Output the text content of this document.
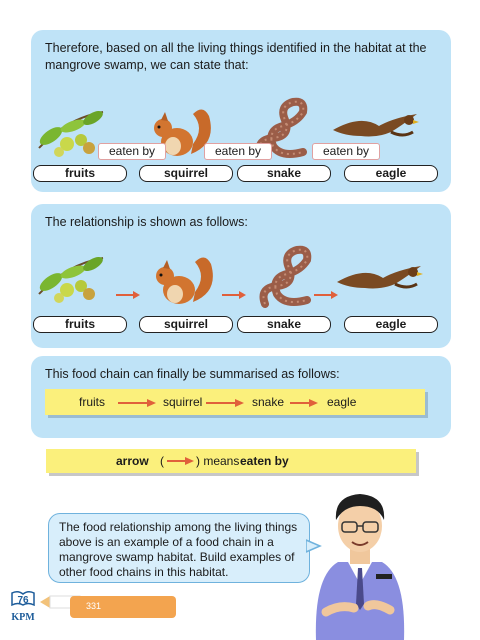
Therefore, based on all the living things identified in the habitat at the mangrove swamp, we can state that:
eaten by	eaten by	eaten by
fruits	squirrel	snake	eagle
The relationship is shown as follows:
fruits	squirrel	snake	eagle
This food chain can finally be summarised as follows:
fruits	squirrel	snake	eagle
arrow (	) means eaten by
The food relationship among the living things above is an example of a food chain in a mangrove swamp habitat. Build examples of other food chains in this habitat.
76
KPM
331
